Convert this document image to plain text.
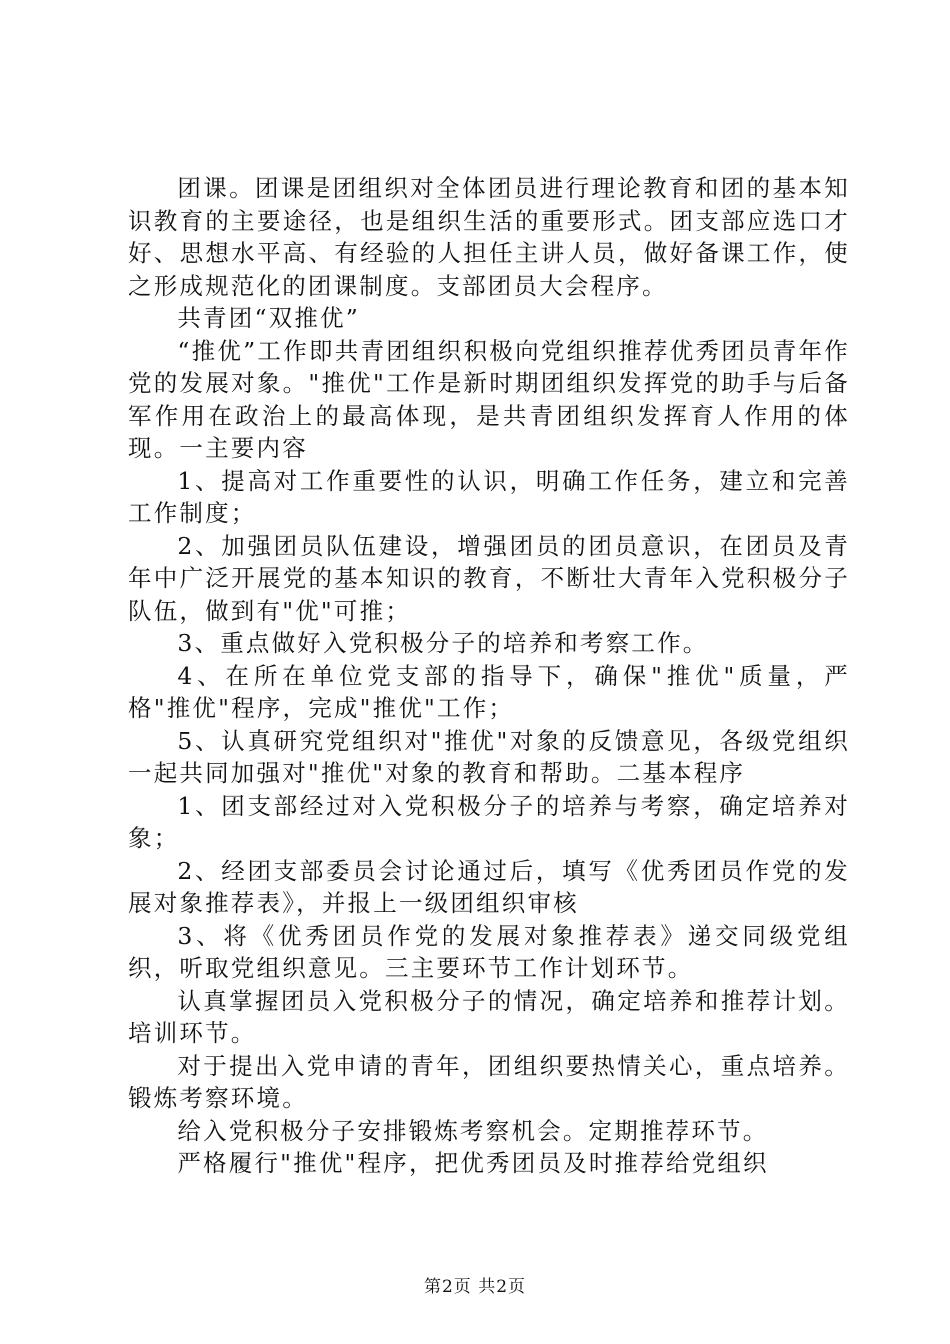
团课。团课是团组织对全体团员进行理论教育和团的基本知识教育的主要途径，也是组织生活的重要形式。团支部应选口才好、思想水平高、有经验的人担任主讲人员，做好备课工作，使之形成规范化的团课制度。支部团员大会程序。

共青团“双推优”

“推优”工作即共青团组织积极向党组织推荐优秀团员青年作党的发展对象。"推优"工作是新时期团组织发挥党的助手与后备军作用在政治上的最高体现，是共青团组织发挥育人作用的体现。一主要内容

1、提高对工作重要性的认识，明确工作任务，建立和完善工作制度；

2、加强团员队伍建设，增强团员的团员意识，在团员及青年中广泛开展党的基本知识的教育，不断壮大青年入党积极分子队伍，做到有"优"可推；

3、重点做好入党积极分子的培养和考察工作。

4、在所在单位党支部的指导下，确保"推优"质量，严格"推优"程序，完成"推优"工作；

5、认真研究党组织对"推优"对象的反馈意见，各级党组织一起共同加强对"推优"对象的教育和帮助。二基本程序

1、团支部经过对入党积极分子的培养与考察，确定培养对象；

2、经团支部委员会讨论通过后，填写《优秀团员作党的发展对象推荐表》，并报上一级团组织审核

3、将《优秀团员作党的发展对象推荐表》递交同级党组织，听取党组织意见。三主要环节工作计划环节。

认真掌握团员入党积极分子的情况，确定培养和推荐计划。培训环节。

对于提出入党申请的青年，团组织要热情关心，重点培养。锻炼考察环境。

给入党积极分子安排锻炼考察机会。定期推荐环节。

严格履行"推优"程序，把优秀团员及时推荐给党组织

第2页 共2页
